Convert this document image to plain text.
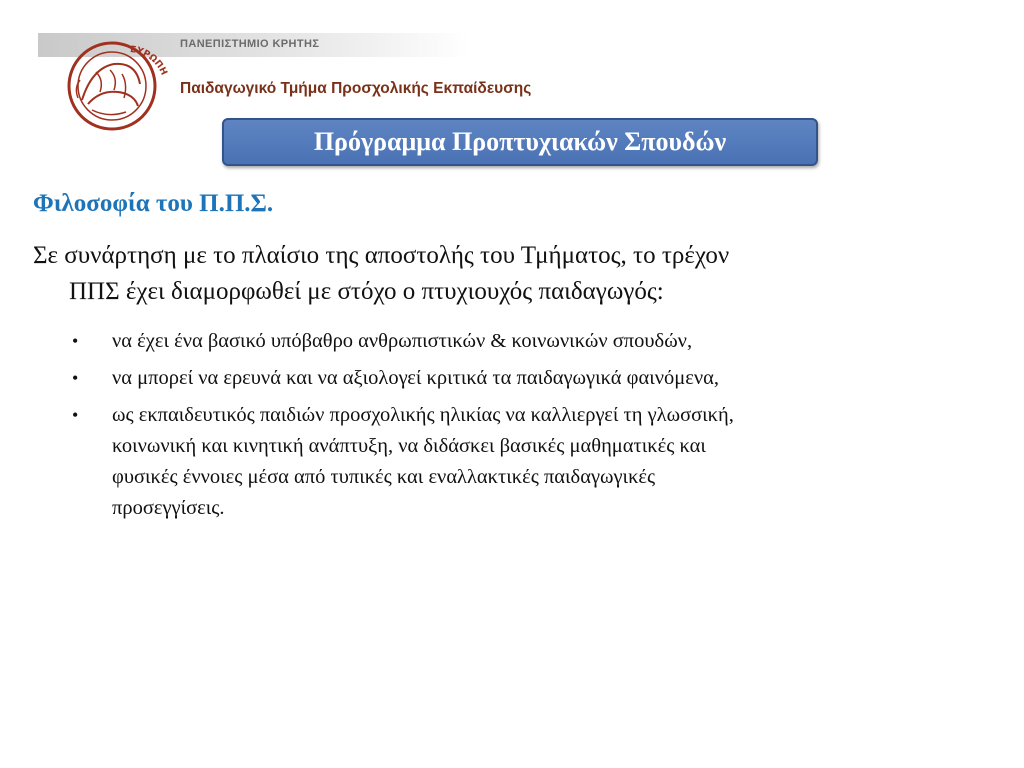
ΕΥΡΩΠΗ
ΠΑΝΕΠΙΣΤΗΜΙΟ ΚΡΗΤΗΣ
Παιδαγωγικό Τμήμα Προσχολικής Εκπαίδευσης
Πρόγραμμα Προπτυχιακών Σπουδών
Φιλοσοφία του Π.Π.Σ.

Σε συνάρτηση με το πλαίσιο της αποστολής του Τμήματος, το τρέχον
ΠΠΣ έχει διαμορφωθεί με στόχο ο πτυχιουχός παιδαγωγός:

•	να έχει ένα βασικό υπόβαθρο ανθρωπιστικών & κοινωνικών σπουδών,
•	να μπορεί να ερευνά και να αξιολογεί κριτικά τα παιδαγωγικά φαινόμενα,
•	ως εκπαιδευτικός παιδιών προσχολικής ηλικίας να καλλιεργεί τη γλωσσική,
κοινωνική και κινητική ανάπτυξη, να διδάσκει βασικές μαθηματικές και
φυσικές έννοιες μέσα από τυπικές και εναλλακτικές παιδαγωγικές
προσεγγίσεις.
